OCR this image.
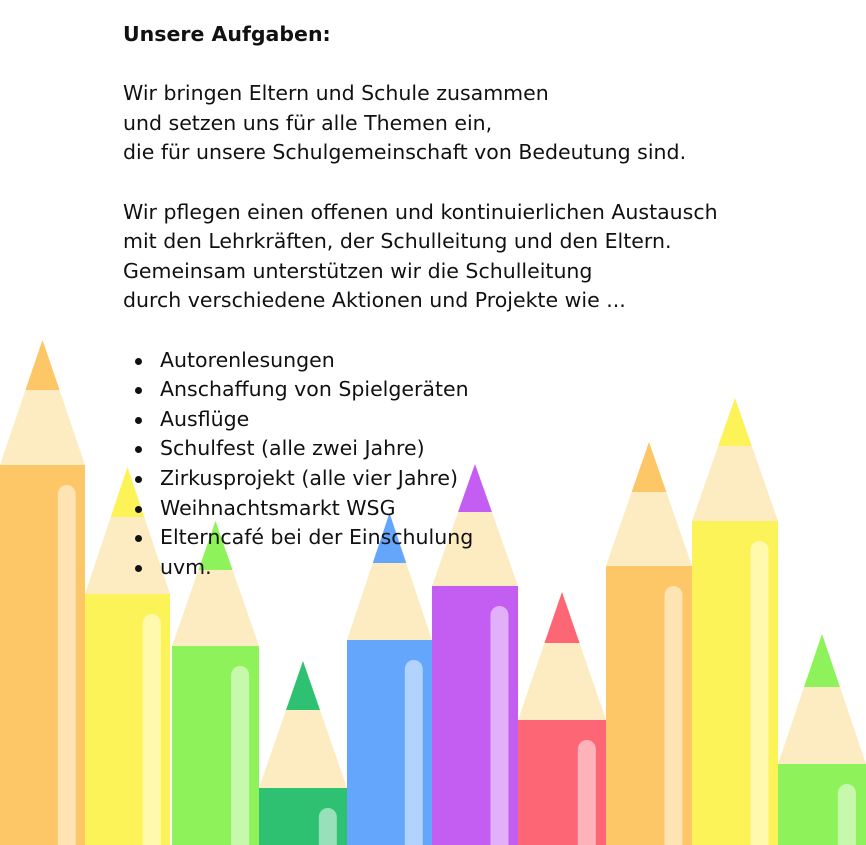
Unsere Aufgaben:
Wir bringen Eltern und Schule zusammen
und setzen uns für alle Themen ein,
die für unsere Schulgemeinschaft von Bedeutung sind.
Wir pflegen einen offenen und kontinuierlichen Austausch
mit den Lehrkräften, der Schulleitung und den Eltern.
Gemeinsam unterstützen wir die Schulleitung
durch verschiedene Aktionen und Projekte wie ...
Autorenlesungen
Anschaffung von Spielgeräten
Ausflüge
Schulfest (alle zwei Jahre)
Zirkusprojekt (alle vier Jahre)
Weihnachtsmarkt WSG
Elterncafé bei der Einschulung
uvm.
